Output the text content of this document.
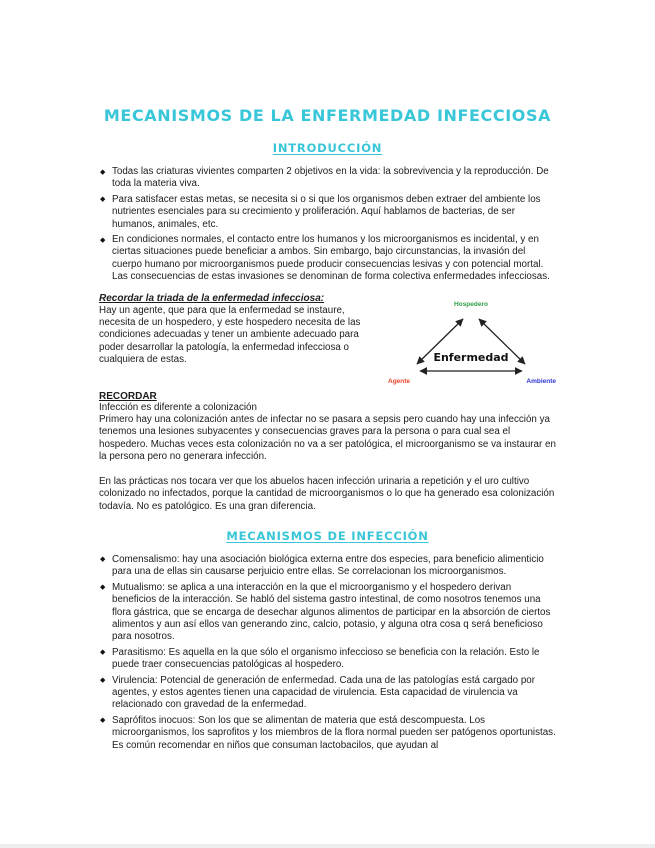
MECANISMOS DE LA ENFERMEDAD INFECCIOSA
INTRODUCCIÓN
◆ Todas las criaturas vivientes comparten 2 objetivos en la vida: la sobrevivencia y la reproducción. De toda la materia viva.
◆ Para satisfacer estas metas, se necesita si o si que los organismos deben extraer del ambiente los nutrientes esenciales para su crecimiento y proliferación. Aquí hablamos de bacterias, de ser humanos, animales, etc.
◆ En condiciones normales, el contacto entre los humanos y los microorganismos es incidental, y en ciertas situaciones puede beneficiar a ambos. Sin embargo, bajo circunstancias, la invasión del cuerpo humano por microorganismos puede producir consecuencias lesivas y con potencial mortal. Las consecuencias de estas invasiones se denominan de forma colectiva enfermedades infecciosas.
Hospedero
Enfermedad
Agente	Ambiente
Recordar la triada de la enfermedad infecciosa:

Hay un agente, que para que la enfermedad se instaure, necesita de un hospedero, y este hospedero necesita de las condiciones adecuadas y tener un ambiente adecuado para poder desarrollar la patología, la enfermedad infecciosa o cualquiera de estas.

RECORDAR

Infección es diferente a colonización

Primero hay una colonización antes de infectar no se pasara a sepsis pero cuando hay una infección ya tenemos una lesiones subyacentes y consecuencias graves para la persona o para cual sea el hospedero. Muchas veces esta colonización no va a ser patológica, el microorganismo se va instaurar en la persona pero no generara infección.

En las prácticas nos tocara ver que los abuelos hacen infección urinaria a repetición y el uro cultivo colonizado no infectados, porque la cantidad de microorganismos o lo que ha generado esa colonización todavía. No es patológico. Es una gran diferencia.

MECANISMOS DE INFECCIÓN
◆ Comensalismo: hay una asociación biológica externa entre dos especies, para beneficio alimenticio para una de ellas sin causarse perjuicio entre ellas. Se correlacionan los microorganismos.
◆ Mutualismo: se aplica a una interacción en la que el microorganismo y el hospedero derivan beneficios de la interacción. Se habló del sistema gastro intestinal, de como nosotros tenemos una flora gástrica, que se encarga de desechar algunos alimentos de participar en la absorción de ciertos alimentos y aun así ellos van generando zinc, calcio, potasio, y alguna otra cosa q será beneficioso para nosotros.
◆ Parasitismo: Es aquella en la que sólo el organismo infeccioso se beneficia con la relación. Esto le puede traer consecuencias patológicas al hospedero.
◆ Virulencia: Potencial de generación de enfermedad. Cada una de las patologías está cargado por agentes, y estos agentes tienen una capacidad de virulencia. Esta capacidad de virulencia va relacionado con gravedad de la enfermedad.
◆ Saprófitos inocuos: Son los que se alimentan de materia que está descompuesta. Los microorganismos, los saprofitos y los miembros de la flora normal pueden ser patógenos oportunistas. Es común recomendar en niños que consuman lactobacilos, que ayudan al
